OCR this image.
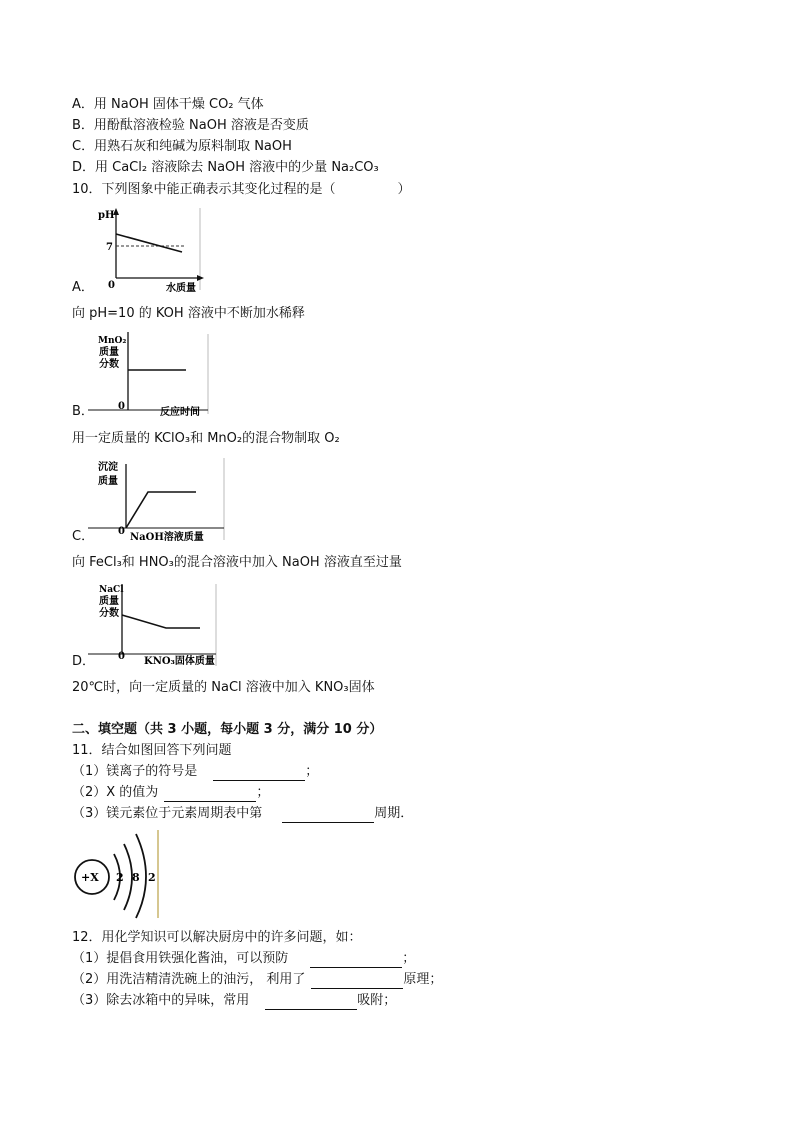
A．用 NaOH 固体干燥 CO₂ 气体
B．用酚酞溶液检验 NaOH 溶液是否变质
C．用熟石灰和纯碱为原料制取 NaOH
D．用 CaCl₂ 溶液除去 NaOH 溶液中的少量 Na₂CO₃
10．下列图象中能正确表示其变化过程的是（	）
pH
7
0	水质量
A．
向 pH=10 的 KOH 溶液中不断加水稀释
MnO₂
质量
分数
0
反应时间
B．
用一定质量的 KClO₃和 MnO₂的混合物制取 O₂
沉淀
质量
0
NaOH溶液质量
C．
向 FeCl₃和 HNO₃的混合溶液中加入 NaOH 溶液直至过量
NaCl
质量
分数
0 KNO₃固体质量
D．
20℃时，向一定质量的 NaCl 溶液中加入 KNO₃固体
二、填空题（共 3 小题，每小题 3 分，满分 10 分）
11．结合如图回答下列问题
（1）镁离子的符号是	；
（2）X 的值为	；
（3）镁元素位于元素周期表中第	周期．
+X 2 8 2
12．用化学知识可以解决厨房中的许多问题，如：
（1）提倡食用铁强化酱油，可以预防	；
（2）用洗洁精清洗碗上的油污， 利用了	原理；
（3）除去冰箱中的异味，常用	吸附；
